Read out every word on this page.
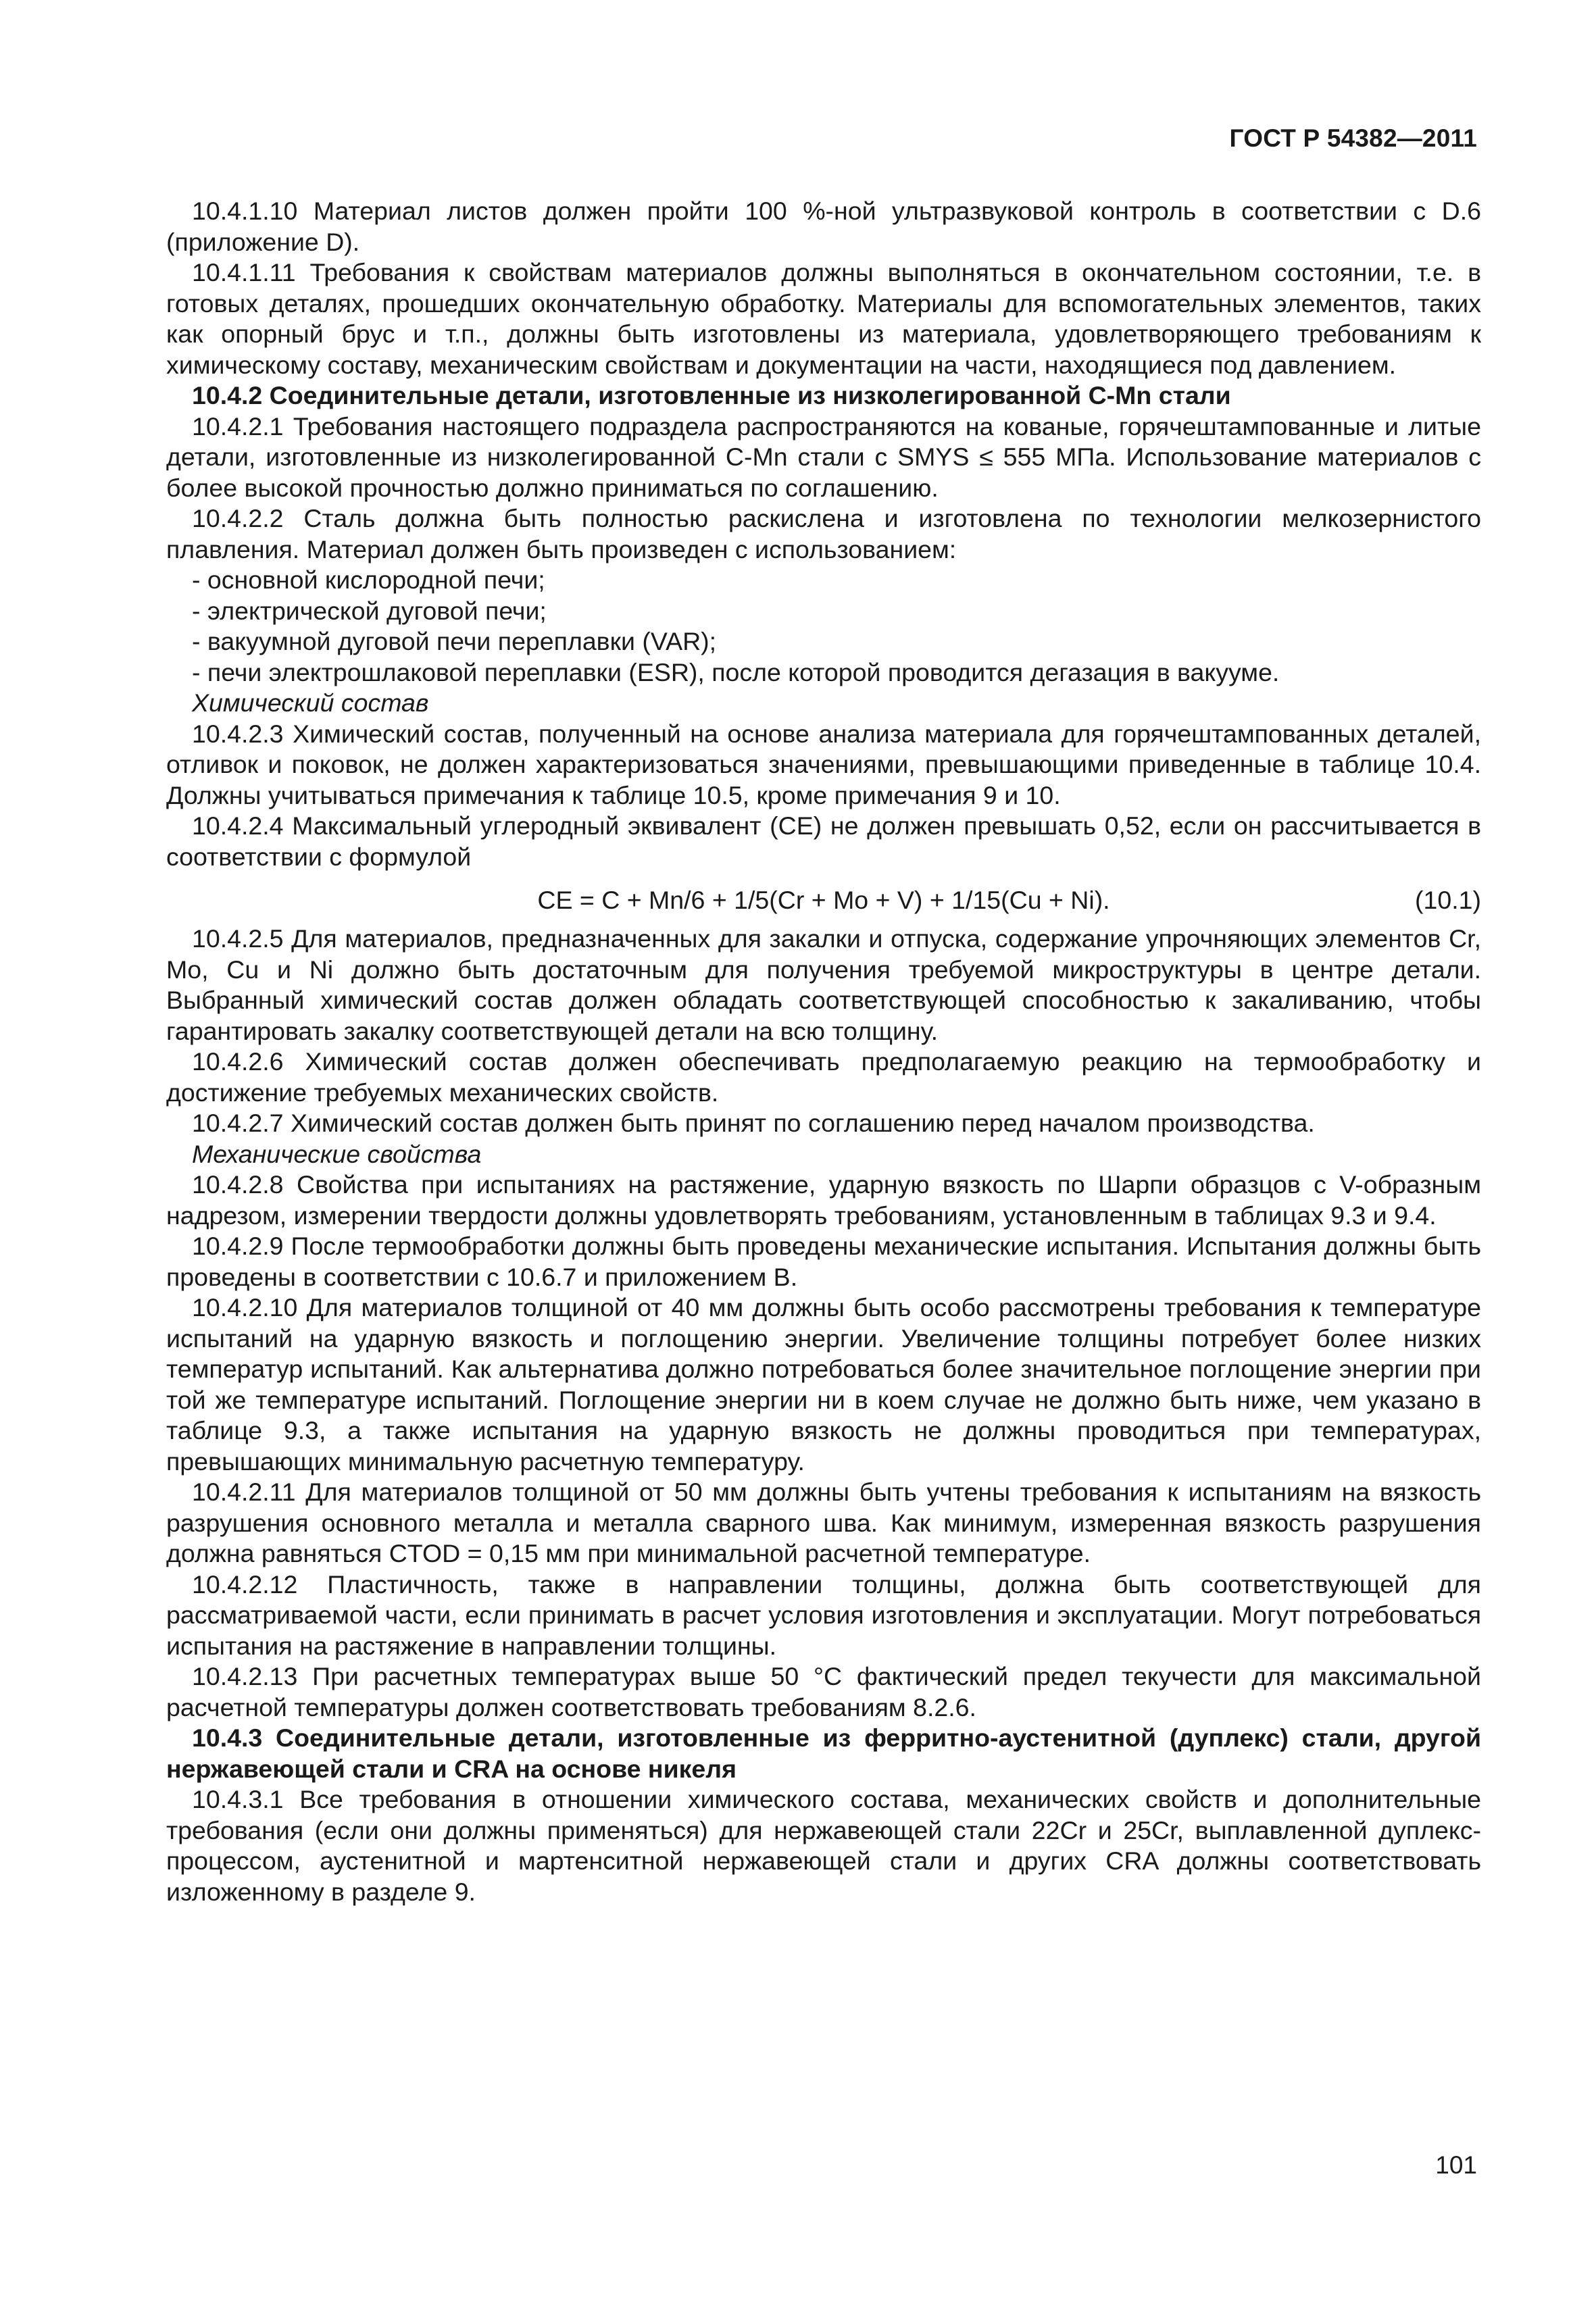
ГОСТ Р 54382—2011

10.4.1.10 Материал листов должен пройти 100 %-ной ультразвуковой контроль в соответствии с D.6 (приложение D).

10.4.1.11 Требования к свойствам материалов должны выполняться в окончательном состоянии, т.е. в готовых деталях, прошедших окончательную обработку. Материалы для вспомогательных элементов, таких как опорный брус и т.п., должны быть изготовлены из материала, удовлетворяющего требованиям к химическому составу, механическим свойствам и документации на части, находящиеся под давлением.

10.4.2 Соединительные детали, изготовленные из низколегированной С-Mn стали

10.4.2.1 Требования настоящего подраздела распространяются на кованые, горячештампованные и литые детали, изготовленные из низколегированной С-Mn стали с SMYS ≤ 555 МПа. Использование материалов с более высокой прочностью должно приниматься по соглашению.

10.4.2.2 Сталь должна быть полностью раскислена и изготовлена по технологии мелкозернистого плавления. Материал должен быть произведен с использованием:

- основной кислородной печи;

- электрической дуговой печи;

- вакуумной дуговой печи переплавки (VAR);

- печи электрошлаковой переплавки (ESR), после которой проводится дегазация в вакууме.

Химический состав

10.4.2.3 Химический состав, полученный на основе анализа материала для горячештампованных деталей, отливок и поковок, не должен характеризоваться значениями, превышающими приведенные в таблице 10.4. Должны учитываться примечания к таблице 10.5, кроме примечания 9 и 10.

10.4.2.4 Максимальный углеродный эквивалент (СЕ) не должен превышать 0,52, если он рассчитывается в соответствии с формулой

CE = C + Mn/6 + 1/5(Cr + Mo + V) + 1/15(Cu + Ni).	(10.1)

10.4.2.5 Для материалов, предназначенных для закалки и отпуска, содержание упрочняющих элементов Cr, Mo, Cu и Ni должно быть достаточным для получения требуемой микроструктуры в центре детали. Выбранный химический состав должен обладать соответствующей способностью к закаливанию, чтобы гарантировать закалку соответствующей детали на всю толщину.

10.4.2.6 Химический состав должен обеспечивать предполагаемую реакцию на термообработку и достижение требуемых механических свойств.

10.4.2.7 Химический состав должен быть принят по соглашению перед началом производства.

Механические свойства

10.4.2.8 Свойства при испытаниях на растяжение, ударную вязкость по Шарпи образцов с V-образным надрезом, измерении твердости должны удовлетворять требованиям, установленным в таблицах 9.3 и 9.4.

10.4.2.9 После термообработки должны быть проведены механические испытания. Испытания должны быть проведены в соответствии с 10.6.7 и приложением В.

10.4.2.10 Для материалов толщиной от 40 мм должны быть особо рассмотрены требования к температуре испытаний на ударную вязкость и поглощению энергии. Увеличение толщины потребует более низких температур испытаний. Как альтернатива должно потребоваться более значительное поглощение энергии при той же температуре испытаний. Поглощение энергии ни в коем случае не должно быть ниже, чем указано в таблице 9.3, а также испытания на ударную вязкость не должны проводиться при температурах, превышающих минимальную расчетную температуру.

10.4.2.11 Для материалов толщиной от 50 мм должны быть учтены требования к испытаниям на вязкость разрушения основного металла и металла сварного шва. Как минимум, измеренная вязкость разрушения должна равняться CTOD = 0,15 мм при минимальной расчетной температуре.

10.4.2.12 Пластичность, также в направлении толщины, должна быть соответствующей для рассматриваемой части, если принимать в расчет условия изготовления и эксплуатации. Могут потребоваться испытания на растяжение в направлении толщины.

10.4.2.13 При расчетных температурах выше 50 °С фактический предел текучести для максимальной расчетной температуры должен соответствовать требованиям 8.2.6.

10.4.3 Соединительные детали, изготовленные из ферритно-аустенитной (дуплекс) стали, другой нержавеющей стали и CRA на основе никеля

10.4.3.1 Все требования в отношении химического состава, механических свойств и дополнительные требования (если они должны применяться) для нержавеющей стали 22Cr и 25Cr, выплавленной дуплекс-процессом, аустенитной и мартенситной нержавеющей стали и других CRA должны соответствовать изложенному в разделе 9.

101
